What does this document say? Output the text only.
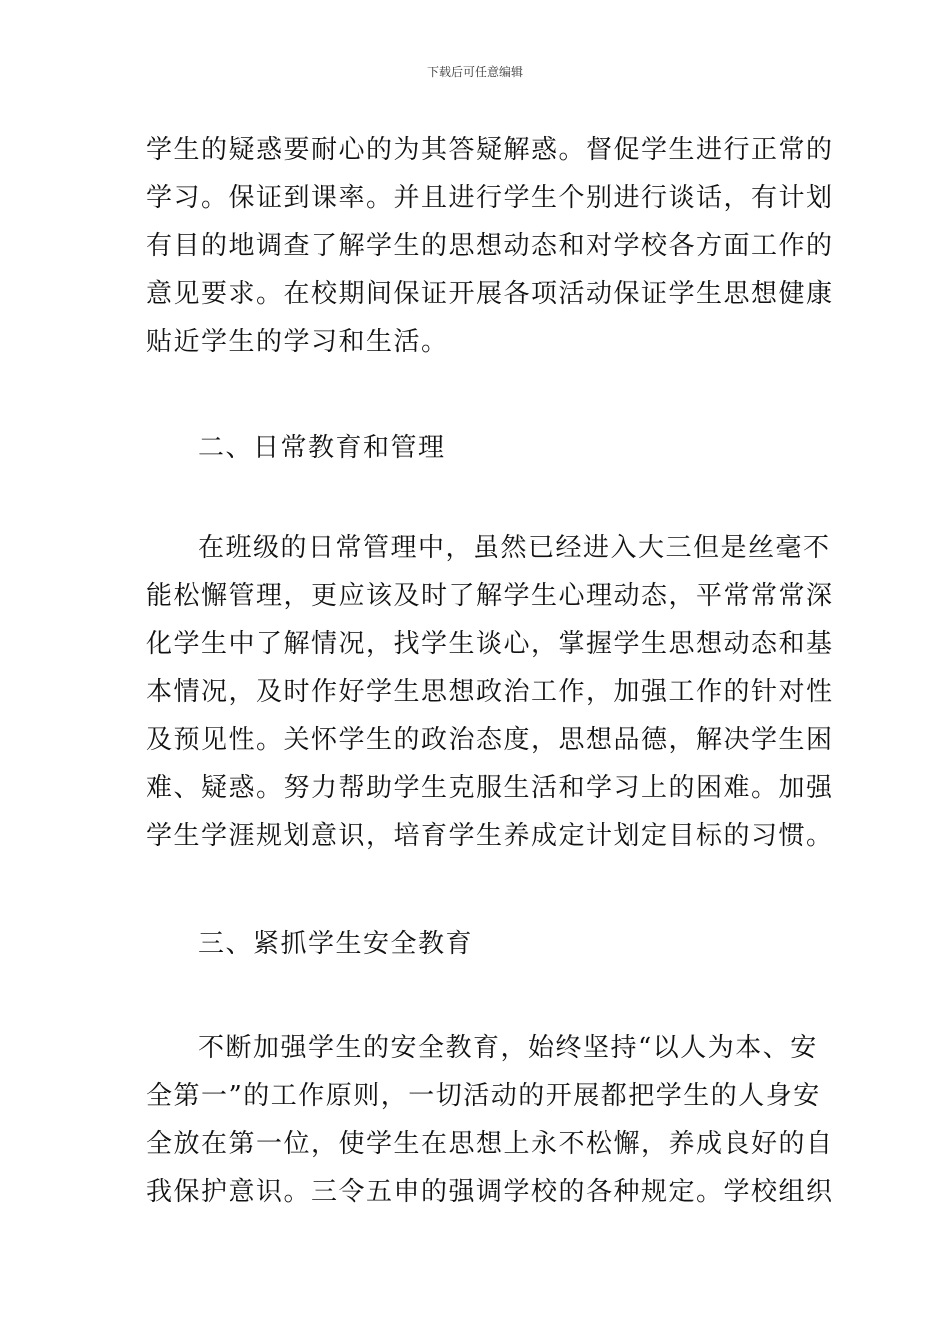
下载后可任意编辑
学生的疑惑要耐心的为其答疑解惑。督促学生进行正常的
学习。保证到课率。并且进行学生个别进行谈话，有计划
有目的地调查了解学生的思想动态和对学校各方面工作的
意见要求。在校期间保证开展各项活动保证学生思想健康
贴近学生的学习和生活。
二、日常教育和管理
在班级的日常管理中，虽然已经进入大三但是丝毫不
能松懈管理，更应该及时了解学生心理动态，平常常常深
化学生中了解情况，找学生谈心，掌握学生思想动态和基
本情况，及时作好学生思想政治工作，加强工作的针对性
及预见性。关怀学生的政治态度，思想品德，解决学生困
难、疑惑。努力帮助学生克服生活和学习上的困难。加强
学生学涯规划意识，培育学生养成定计划定目标的习惯。
三、紧抓学生安全教育
不断加强学生的安全教育，始终坚持“以人为本、安
全第一”的工作原则，一切活动的开展都把学生的人身安
全放在第一位，使学生在思想上永不松懈，养成良好的自
我保护意识。三令五申的强调学校的各种规定。学校组织
